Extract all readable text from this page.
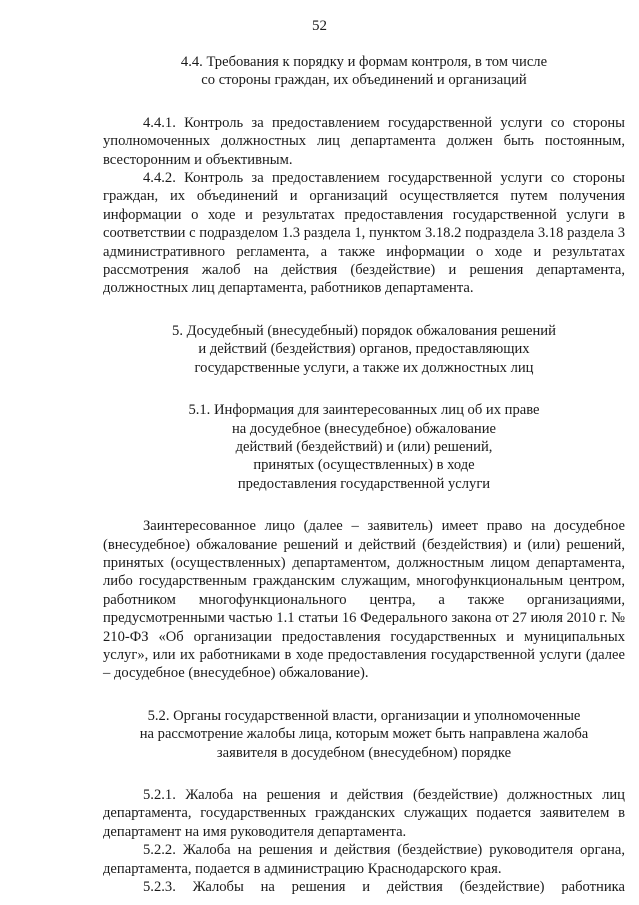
52

4.4. Требования к порядку и формам контроля, в том числе
со стороны граждан, их объединений и организаций

4.4.1. Контроль за предоставлением государственной услуги со стороны уполномоченных должностных лиц департамента должен быть постоянным, всесторонним и объективным.

4.4.2. Контроль за предоставлением государственной услуги со стороны граждан, их объединений и организаций осуществляется путем получения информации о ходе и результатах предоставления государственной услуги в соответствии с подразделом 1.3 раздела 1, пунктом 3.18.2 подраздела 3.18 раздела 3 административного регламента, а также информации о ходе и результатах рассмотрения жалоб на действия (бездействие) и решения департамента, должностных лиц департамента, работников департамента.

5. Досудебный (внесудебный) порядок обжалования решений
и действий (бездействия) органов, предоставляющих
государственные услуги, а также их должностных лиц

5.1. Информация для заинтересованных лиц об их праве
на досудебное (внесудебное) обжалование
действий (бездействий) и (или) решений,
принятых (осуществленных) в ходе
предоставления государственной услуги

Заинтересованное лицо (далее – заявитель) имеет право на досудебное (внесудебное) обжалование решений и действий (бездействия) и (или) решений, принятых (осуществленных) департаментом, должностным лицом департамента, либо государственным гражданским служащим, многофункциональным центром, работником многофункционального центра, а также организациями, предусмотренными частью 1.1 статьи 16 Федерального закона от 27 июля 2010 г. № 210-ФЗ «Об организации предоставления государственных и муниципальных услуг», или их работниками в ходе предоставления государственной услуги (далее – досудебное (внесудебное) обжалование).

5.2. Органы государственной власти, организации и уполномоченные
на рассмотрение жалобы лица, которым может быть направлена жалоба
заявителя в досудебном (внесудебном) порядке

5.2.1. Жалоба на решения и действия (бездействие) должностных лиц департамента, государственных гражданских служащих подается заявителем в департамент на имя руководителя департамента.

5.2.2. Жалоба на решения и действия (бездействие) руководителя органа, департамента, подается в администрацию Краснодарского края.

5.2.3. Жалобы на решения и действия (бездействие) работника
